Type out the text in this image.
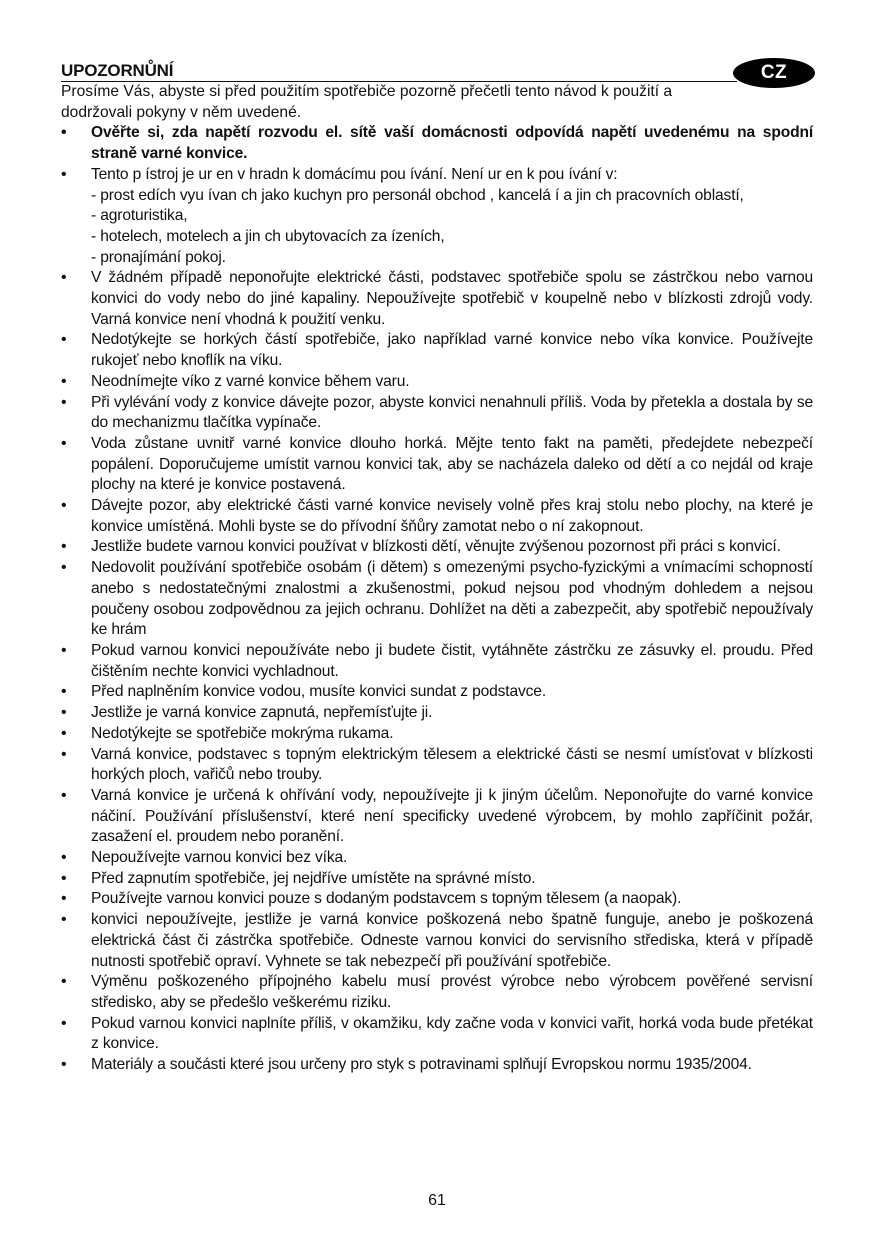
UPOZORNŮNÍ	CZ

Prosíme Vás, abyste si před použitím spotřebiče pozorně přečetli tento návod k použití a dodržovali pokyny v něm uvedené.

• Ověřte si, zda napětí rozvodu el. sítě vaší domácnosti odpovídá napětí uvedenému na spodní straně varné konvice.
• Tento p ístroj je ur en v hradn k domácímu pou ívání. Není ur en k pou ívání v:
- prost edích vyu ívan ch jako kuchyn pro personál obchod , kancelá í a jin ch pracovních oblastí,
- agroturistika,
- hotelech, motelech a jin ch ubytovacích za ízeních,
- pronajímání pokoj.
• V žádném případě neponořujte elektrické části, podstavec spotřebiče spolu se zástrčkou nebo varnou konvici do vody nebo do jiné kapaliny. Nepoužívejte spotřebič v koupelně nebo v blízkosti zdrojů vody. Varná konvice není vhodná k použití venku.
• Nedotýkejte se horkých částí spotřebiče, jako například varné konvice nebo víka konvice. Používejte rukojeť nebo knoflík na víku.
• Neodnímejte víko z varné konvice během varu.
• Při vylévání vody z konvice dávejte pozor, abyste konvici nenahnuli příliš. Voda by přetekla a dostala by se do mechanizmu tlačítka vypínače.
• Voda zůstane uvnitř varné konvice dlouho horká. Mějte tento fakt na paměti, předejdete nebezpečí popálení. Doporučujeme umístit varnou konvici tak, aby se nacházela daleko od dětí a co nejdál od kraje plochy na které je konvice postavená.
• Dávejte pozor, aby elektrické části varné konvice nevisely volně přes kraj stolu nebo plochy, na které je konvice umístěná. Mohli byste se do přívodní šňůry zamotat nebo o ní zakopnout.
• Jestliže budete varnou konvici používat v blízkosti dětí, věnujte zvýšenou pozornost při práci s konvicí.
• Nedovolit používání spotřebiče osobám (i dětem) s omezenými psycho-fyzickými a vnímacími schopností anebo s nedostatečnými znalostmi a zkušenostmi, pokud nejsou pod vhodným dohledem a nejsou poučeny osobou zodpovědnou za jejich ochranu. Dohlížet na děti a zabezpečit, aby spotřebič nepoužívaly ke hrám
• Pokud varnou konvici nepoužíváte nebo ji budete čistit, vytáhněte zástrčku ze zásuvky el. proudu. Před čištěním nechte konvici vychladnout.
• Před naplněním konvice vodou, musíte konvici sundat z podstavce.
• Jestliže je varná konvice zapnutá, nepřemísťujte ji.
• Nedotýkejte se spotřebiče mokrýma rukama.
• Varná konvice, podstavec s topným elektrickým tělesem a elektrické části se nesmí umísťovat v blízkosti horkých ploch, vařičů nebo trouby.
• Varná konvice je určená k ohřívání vody, nepoužívejte ji k jiným účelům. Neponořujte do varné konvice náčiní. Používání příslušenství, které není specificky uvedené výrobcem, by mohlo zapříčinit požár, zasažení el. proudem nebo poranění.
• Nepoužívejte varnou konvici bez víka.
• Před zapnutím spotřebiče, jej nejdříve umístěte na správné místo.
• Používejte varnou konvici pouze s dodaným podstavcem s topným tělesem (a naopak).
• konvici nepoužívejte, jestliže je varná konvice poškozená nebo špatně funguje, anebo je poškozená elektrická část či zástrčka spotřebiče. Odneste varnou konvici do servisního střediska, která v případě nutnosti spotřebič opraví. Vyhnete se tak nebezpečí při používání spotřebiče.
• Výměnu poškozeného přípojného kabelu musí provést výrobce nebo výrobcem pověřené servisní středisko, aby se předešlo veškerému riziku.
• Pokud varnou konvici naplníte příliš, v okamžiku, kdy začne voda v konvici vařit, horká voda bude přetékat z konvice.
• Materiály a součásti které jsou určeny pro styk s potravinami splňují Evropskou normu 1935/2004.
61
